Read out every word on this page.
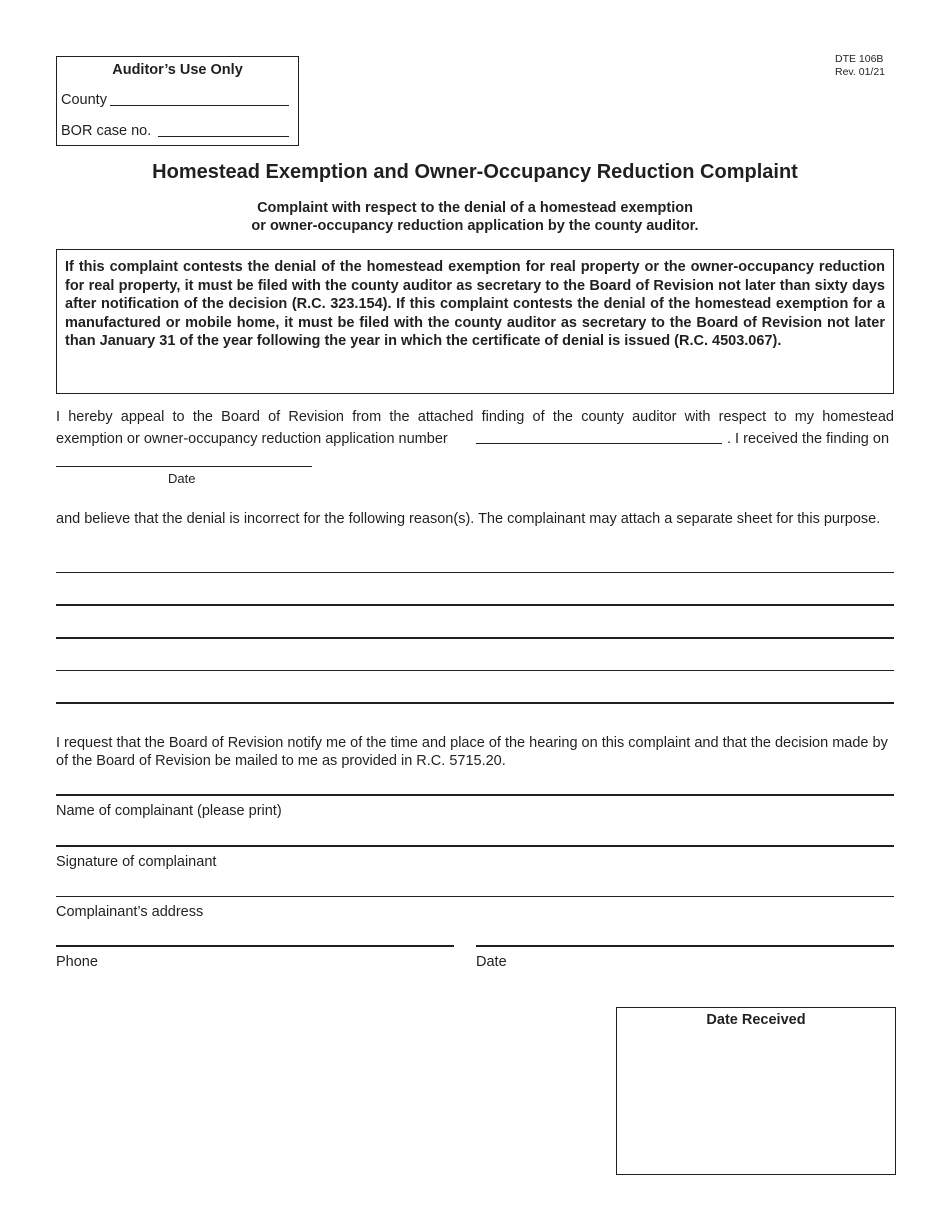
Auditor’s Use Only
County
BOR case no.
DTE 106B
Rev. 01/21
Homestead Exemption and Owner-Occupancy Reduction Complaint
Complaint with respect to the denial of a homestead exemption
or owner-occupancy reduction application by the county auditor.

If this complaint contests the denial of the homestead exemption for real property or the owner-occupancy reduction for real property, it must be filed with the county auditor as secretary to the Board of Revision not later than sixty days after notification of the decision (R.C. 323.154). If this complaint contests the denial of the homestead exemption for a manufactured or mobile home, it must be filed with the county auditor as secretary to the Board of Revision not later than January 31 of the year following the year in which the certificate of denial is issued (R.C. 4503.067).

I hereby appeal to the Board of Revision from the attached finding of the county auditor with respect to my homestead
exemption or owner-occupancy reduction application number	. I received the finding on
Date
and believe that the denial is incorrect for the following reason(s). The complainant may attach a separate sheet for this purpose.
I request that the Board of Revision notify me of the time and place of the hearing on this complaint and that the decision made by of the Board of Revision be mailed to me as provided in R.C. 5715.20.
Name of complainant (please print)
Signature of complainant
Complainant’s address
Phone	Date
Date Received
